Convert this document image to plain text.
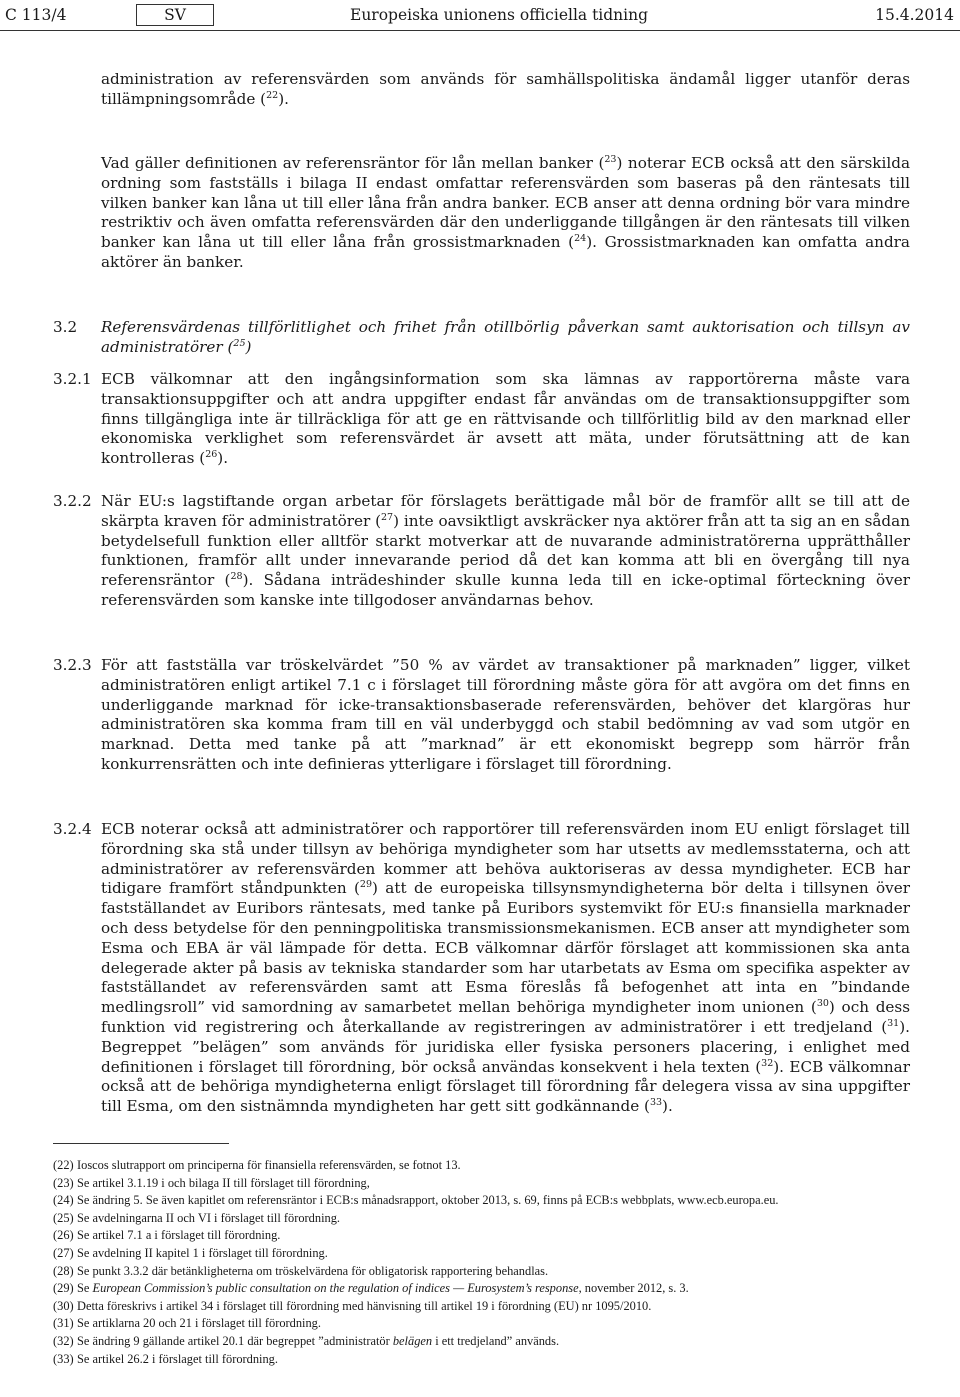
C 113/4	SV	Europeiska unionens officiella tidning	15.4.2014
administration av referensvärden som används för samhällspolitiska ändamål ligger utanför deras tillämpningsområde ($^{22}$).
Vad gäller definitionen av referensräntor för lån mellan banker ($^{23}$) noterar ECB också att den särskilda ordning som fastställs i bilaga II endast omfattar referensvärden som baseras på den räntesats till vilken banker kan låna ut till eller låna från andra banker. ECB anser att denna ordning bör vara mindre restriktiv och även omfatta referensvärden där den underliggande tillgången är den räntesats till vilken banker kan låna ut till eller låna från grossistmarknaden ($^{24}$). Grossistmarknaden kan omfatta andra aktörer än banker.
3.2 Referensvärdenas tillförlitlighet och frihet från otillbörlig påverkan samt auktorisation och tillsyn av administratörer ($^{25}$)
3.2.1 ECB välkomnar att den ingångsinformation som ska lämnas av rapportörerna måste vara transaktionsuppgifter och att andra uppgifter endast får användas om de transaktionsuppgifter som finns tillgängliga inte är tillräckliga för att ge en rättvisande och tillförlitlig bild av den marknad eller ekonomiska verklighet som referensvärdet är avsett att mäta, under förutsättning att de kan kontrolleras ($^{26}$).
3.2.2 När EU:s lagstiftande organ arbetar för förslagets berättigade mål bör de framför allt se till att de skärpta kraven för administratörer ($^{27}$) inte oavsiktligt avskräcker nya aktörer från att ta sig an en sådan betydelsefull funktion eller alltför starkt motverkar att de nuvarande administratörerna upprätthåller funktionen, framför allt under innevarande period då det kan komma att bli en övergång till nya referensräntor ($^{28}$). Sådana inträdeshinder skulle kunna leda till en icke-optimal förteckning över referensvärden som kanske inte tillgodoser användarnas behov.
3.2.3 För att fastställa var tröskelvärdet ”50 % av värdet av transaktioner på marknaden” ligger, vilket administratören enligt artikel 7.1 c i förslaget till förordning måste göra för att avgöra om det finns en underliggande marknad för icke-transaktionsbaserade referensvärden, behöver det klargöras hur administratören ska komma fram till en väl underbyggd och stabil bedömning av vad som utgör en marknad. Detta med tanke på att ”marknad” är ett ekonomiskt begrepp som härrör från konkurrensrätten och inte definieras ytterligare i förslaget till förordning.
3.2.4 ECB noterar också att administratörer och rapportörer till referensvärden inom EU enligt förslaget till förordning ska stå under tillsyn av behöriga myndigheter som har utsetts av medlemsstaterna, och att administratörer av referensvärden kommer att behöva auktoriseras av dessa myndigheter. ECB har tidigare framfört ståndpunkten ($^{29}$) att de europeiska tillsynsmyndigheterna bör delta i tillsynen över fastställandet av Euribors räntesats, med tanke på Euribors systemvikt för EU:s finansiella marknader och dess betydelse för den penningpolitiska transmissionsmekanismen. ECB anser att myndigheter som Esma och EBA är väl lämpade för detta. ECB välkomnar därför förslaget att kommissionen ska anta delegerade akter på basis av tekniska standarder som har utarbetats av Esma om specifika aspekter av fastställandet av referensvärden samt att Esma föreslås få befogenhet att inta en ”bindande medlingsroll” vid samordning av samarbetet mellan behöriga myndigheter inom unionen ($^{30}$) och dess funktion vid registrering och återkallande av registreringen av administratörer i ett tredjeland ($^{31}$). Begreppet ”belägen” som används för juridiska eller fysiska personers placering, i enlighet med definitionen i förslaget till förordning, bör också användas konsekvent i hela texten ($^{32}$). ECB välkomnar också att de behöriga myndigheterna enligt förslaget till förordning får delegera vissa av sina uppgifter till Esma, om den sistnämnda myndigheten har gett sitt godkännande ($^{33}$).
(22) Ioscos slutrapport om principerna för finansiella referensvärden, se fotnot 13.
(23) Se artikel 3.1.19 i och bilaga II till förslaget till förordning,
(24) Se ändring 5. Se även kapitlet om referensräntor i ECB:s månadsrapport, oktober 2013, s. 69, finns på ECB:s webbplats, www.ecb.europa.eu.
(25) Se avdelningarna II och VI i förslaget till förordning.
(26) Se artikel 7.1 a i förslaget till förordning.
(27) Se avdelning II kapitel 1 i förslaget till förordning.
(28) Se punkt 3.3.2 där betänkligheterna om tröskelvärdena för obligatorisk rapportering behandlas.
(29) Se European Commission’s public consultation on the regulation of indices — Eurosystem’s response, november 2012, s. 3.
(30) Detta föreskrivs i artikel 34 i förslaget till förordning med hänvisning till artikel 19 i förordning (EU) nr 1095/2010.
(31) Se artiklarna 20 och 21 i förslaget till förordning.
(32) Se ändring 9 gällande artikel 20.1 där begreppet ”administratör belägen i ett tredjeland” används.
(33) Se artikel 26.2 i förslaget till förordning.
